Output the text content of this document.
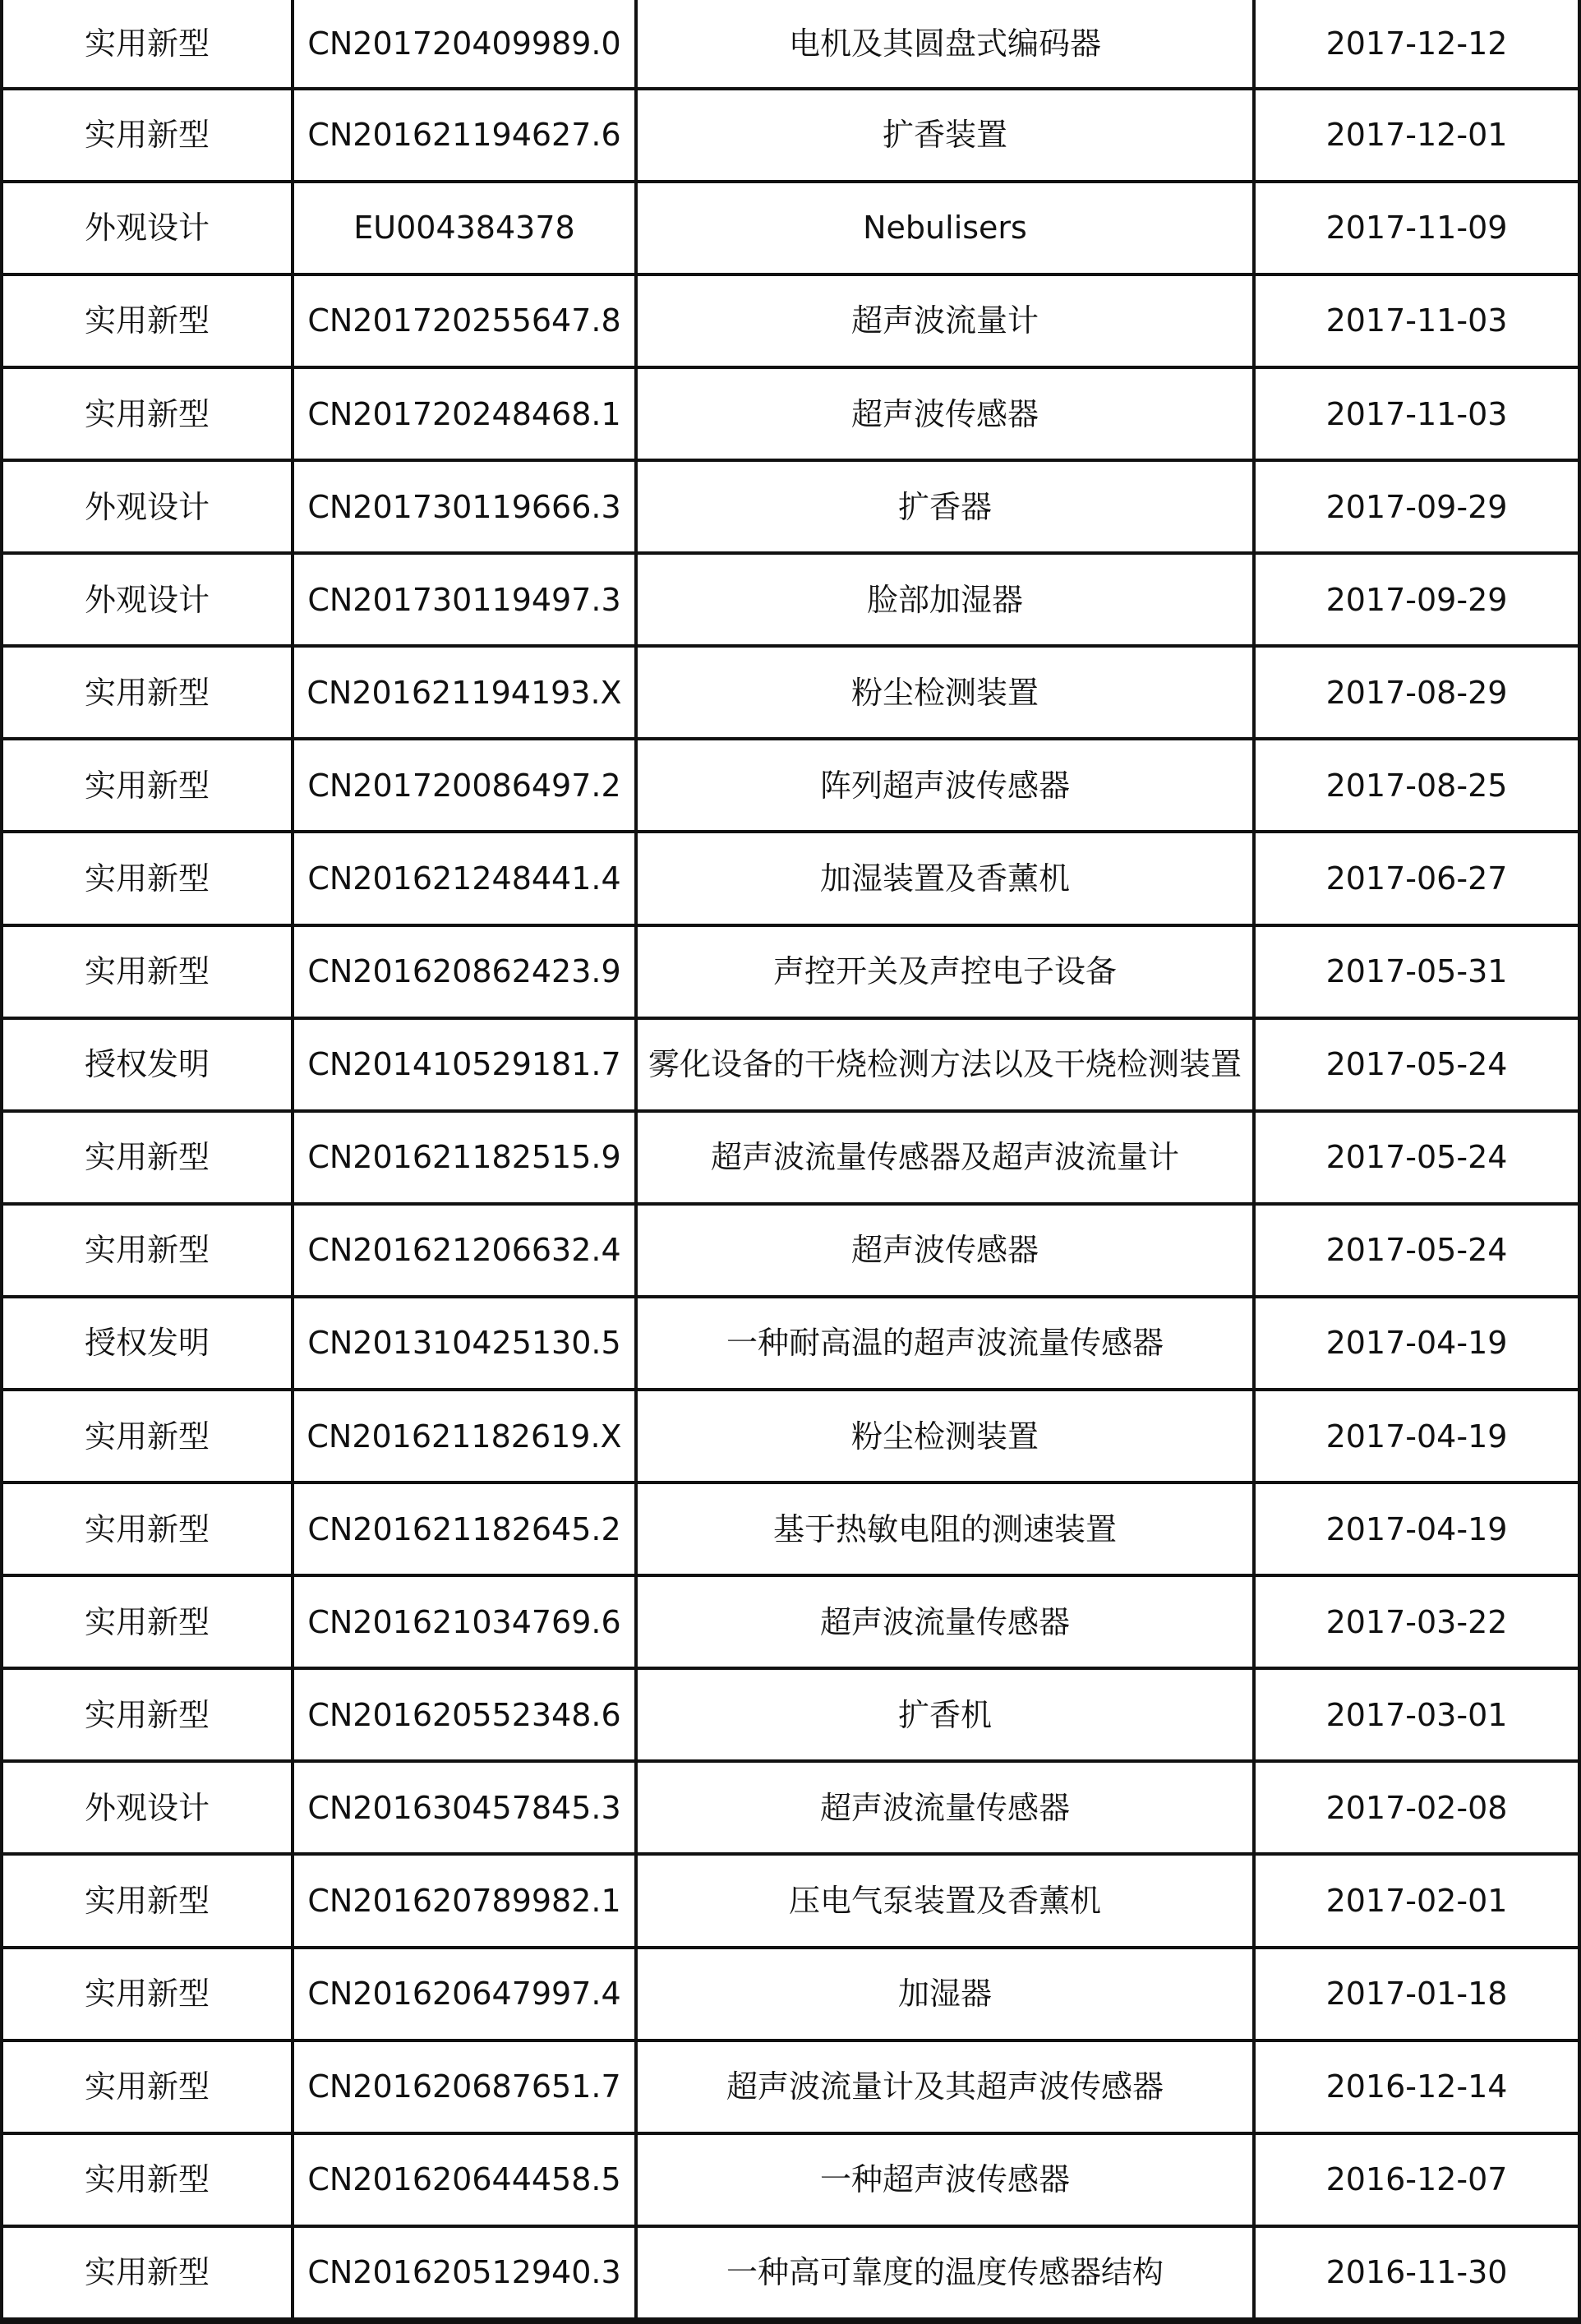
实用新型	CN201720409989.0	电机及其圆盘式编码器	2017-12-12
实用新型	CN201621194627.6	扩香装置	2017-12-01
外观设计	EU004384378	Nebulisers	2017-11-09
实用新型	CN201720255647.8	超声波流量计	2017-11-03
实用新型	CN201720248468.1	超声波传感器	2017-11-03
外观设计	CN201730119666.3	扩香器	2017-09-29
外观设计	CN201730119497.3	脸部加湿器	2017-09-29
实用新型	CN201621194193.X	粉尘检测装置	2017-08-29
实用新型	CN201720086497.2	阵列超声波传感器	2017-08-25
实用新型	CN201621248441.4	加湿装置及香薰机	2017-06-27
实用新型	CN201620862423.9	声控开关及声控电子设备	2017-05-31
授权发明	CN201410529181.7	雾化设备的干烧检测方法以及干烧检测装置	2017-05-24
实用新型	CN201621182515.9	超声波流量传感器及超声波流量计	2017-05-24
实用新型	CN201621206632.4	超声波传感器	2017-05-24
授权发明	CN201310425130.5	一种耐高温的超声波流量传感器	2017-04-19
实用新型	CN201621182619.X	粉尘检测装置	2017-04-19
实用新型	CN201621182645.2	基于热敏电阻的测速装置	2017-04-19
实用新型	CN201621034769.6	超声波流量传感器	2017-03-22
实用新型	CN201620552348.6	扩香机	2017-03-01
外观设计	CN201630457845.3	超声波流量传感器	2017-02-08
实用新型	CN201620789982.1	压电气泵装置及香薰机	2017-02-01
实用新型	CN201620647997.4	加湿器	2017-01-18
实用新型	CN201620687651.7	超声波流量计及其超声波传感器	2016-12-14
实用新型	CN201620644458.5	一种超声波传感器	2016-12-07
实用新型	CN201620512940.3	一种高可靠度的温度传感器结构	2016-11-30
